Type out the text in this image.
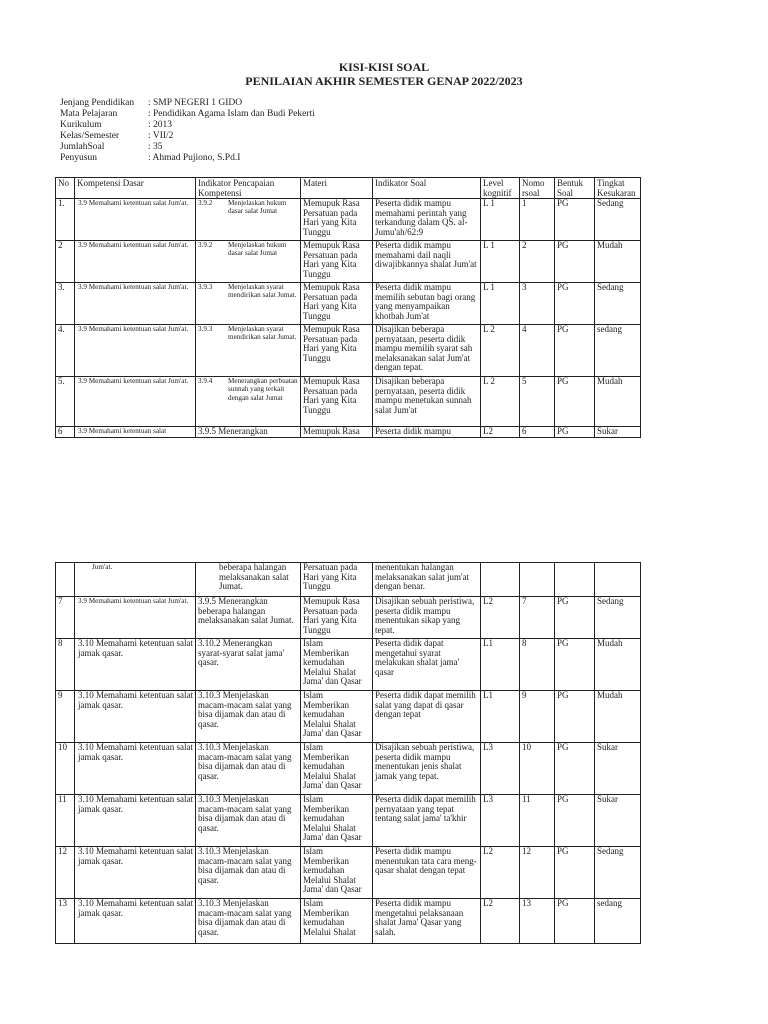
KISI-KISI SOAL
PENILAIAN AKHIR SEMESTER GENAP 2022/2023
Jenjang Pendidikan	: SMP NEGERI 1 GIDO
Mata Pelajaran	: Pendidikan Agama Islam dan Budi Pekerti
Kurikulum	: 2013
Kelas/Semester	: VII/2
JumlahSoal	: 35
Penyusun	: Ahmad Pujiono, S.Pd.I
No	Kompetensi Dasar	Indikator Pencapaian Kompetensi	Materi	Indikator Soal	Level kognitif	Nomo rsoal	Bentuk Soal	Tingkat Kesukaran
1.	3.9 Memahami ketentuan salat Jum'at.	3.9.2 Menjelaskan hukum dasar salat Jumat	Memupuk Rasa Persatuan pada Hari yang Kita Tunggu	Peserta didik mampu memahami perintah yang terkandung dalam QS. al-Jumu'ah/62:9	L 1	1	PG	Sedang
2	3.9 Memahami ketentuan salat Jum'at.	3.9.2 Menjelaskan hukum dasar salat Jumat	Memupuk Rasa Persatuan pada Hari yang Kita Tunggu	Peserta didik mampu memahami dail naqli diwajibkannya shalat Jum'at	L 1	2	PG	Mudah
3.	3.9 Memahami ketentuan salat Jum'at.	3.9.3 Menjelaskan syarat mendirikan salat Jumat.	Memupuk Rasa Persatuan pada Hari yang Kita Tunggu	Peserta didik mampu memilih sebutan bagi orang yang menyampaikan khotbah Jum'at	L 1	3	PG	Sedang
4.	3.9 Memahami ketentuan salat Jum'at.	3.9.3 Menjelaskan syarat mendirikan salat Jumat.	Memupuk Rasa Persatuan pada Hari yang Kita Tunggu	Disajikan beberapa pernyataan, peserta didik mampu memilih syarat sah melaksanakan salat Jum'at dengan tepat.	L 2	4	PG	sedang
5.	3.9 Memahami ketentuan salat Jum'at.	3.9.4 Menerangkan perbuatan sunnah yang terkait dengan salat Jumat	Memupuk Rasa Persatuan pada Hari yang Kita Tunggu	Disajikan beberapa pernyataan, peserta didik mampu menetukan sunnah salat Jum'at	L 2	5	PG	Mudah
6	3.9 Memahami ketentuan salat	3.9.5 Menerangkan	Memupuk Rasa	Peserta didik mampu	L2	6	PG	Sukar

	Jum'at.	beberapa halangan melaksanakan salat Jumat.	Persatuan pada Hari yang Kita Tunggu	menentukan halangan melaksanakan salat jum'at dengan benar.				
7	3.9 Memahami ketentuan salat Jum'at.	3.9.5 Menerangkan beberapa halangan melaksanakan salat Jumat.	Memupuk Rasa Persatuan pada Hari yang Kita Tunggu	Disajikan sebuah peristiwa, peserta didik mampu menentukan sikap yang tepat.	L2	7	PG	Sedang
8	3.10 Memahami ketentuan salat jamak qasar.	3.10.2 Menerangkan syarat-syarat salat jama' qasar.	Islam Memberikan kemudahan Melalui Shalat Jama' dan Qasar	Peserta didik dapat mengetahui syarat melakukan shalat jama' qasar	L1	8	PG	Mudah
9	3.10 Memahami ketentuan salat jamak qasar.	3.10.3 Menjelaskan macam-macam salat yang bisa dijamak dan atau di qasar.	Islam Memberikan kemudahan Melalui Shalat Jama' dan Qasar	Peserta didik dapat memilih salat yang dapat di qasar dengan tepat	L1	9	PG	Mudah
10	3.10 Memahami ketentuan salat jamak qasar.	3.10.3 Menjelaskan macam-macam salat yang bisa dijamak dan atau di qasar.	Islam Memberikan kemudahan Melalui Shalat Jama' dan Qasar	Disajikan sebuah peristiwa, peserta didik mampu menentukan jenis shalat jamak yang tepat.	L3	10	PG	Sukar
11	3.10 Memahami ketentuan salat jamak qasar.	3.10.3 Menjelaskan macam-macam salat yang bisa dijamak dan atau di qasar.	Islam Memberikan kemudahan Melalui Shalat Jama' dan Qasar	Peserta didik dapat memilih pernyataan yang tepat tentang salat jama' ta'khir	L3	11	PG	Sukar
12	3.10 Memahami ketentuan salat jamak qasar.	3.10.3 Menjelaskan macam-macam salat yang bisa dijamak dan atau di qasar.	Islam Memberikan kemudahan Melalui Shalat Jama' dan Qasar	Peserta didik mampu menentukan tata cara meng-qasar shalat dengan tepat	L2	12	PG	Sedang
13	3.10 Memahami ketentuan salat jamak qasar.	3.10.3 Menjelaskan macam-macam salat yang bisa dijamak dan atau di qasar.	Islam Memberikan kemudahan Melalui Shalat	Peserta didik mampu mengetahui pelaksanaan shalat Jama' Qasar yang salah.	L2	13	PG	sedang
